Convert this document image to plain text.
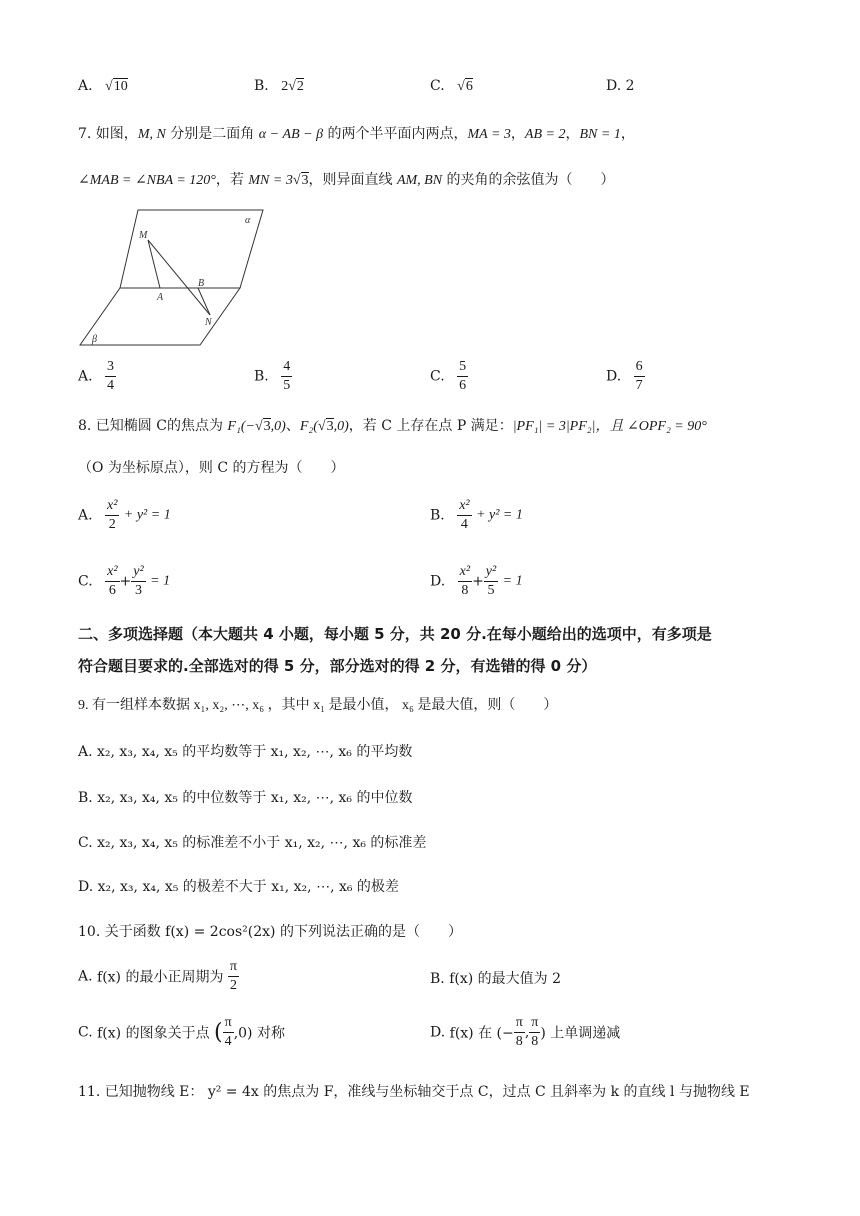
A. √10	B. 2√2	C. √6	D. 2
7. 如图，M, N 分别是二面角 α − AB − β 的两个半平面内两点，MA = 3，AB = 2，BN = 1，
∠MAB = ∠NBA = 120°，若 MN = 3√3，则异面直线 AM, BN 的夹角的余弦值为（　　）
α
β
M
A
B
N
A. $\frac{3}{4}$	B. $\frac{4}{5}$	C. $\frac{5}{6}$	D. $\frac{6}{7}$
8. 已知椭圆 C的焦点为 F₁(−√3,0)、F₂(√3,0)，若 C 上存在点 P 满足：|PF₁| = 3|PF₂|，且 ∠OPF₂ = 90°
（O 为坐标原点），则 C 的方程为（　　）
A. $\frac{\text{x²}}{2} + y^2 = 1$	B. $\frac{\text{x²}}{4} + y^2 = 1$
C. $\frac{\text{x²}}{6} + \frac{\text{y²}}{3} = 1$	D. $\frac{\text{x²}}{8} + \frac{\text{y²}}{5} = 1$
二、多项选择题（本大题共 4 小题，每小题 5 分，共 20 分.在每小题给出的选项中，有多项是
符合题目要求的.全部选对的得 5 分，部分选对的得 2 分，有选错的得 0 分）
9. 有一组样本数据 x₁, x₂, ⋯, x₆ ，其中 x₁ 是最小值， x₆ 是最大值，则（　　）
A. x₂, x₃, x₄, x₅ 的平均数等于 x₁, x₂, ⋯, x₆ 的平均数
B. x₂, x₃, x₄, x₅ 的中位数等于 x₁, x₂, ⋯, x₆ 的中位数
C. x₂, x₃, x₄, x₅ 的标准差不小于 x₁, x₂, ⋯, x₆ 的标准差
D. x₂, x₃, x₄, x₅ 的极差不大于 x₁, x₂, ⋯, x₆ 的极差
10. 关于函数 f(x) = 2cos²(2x) 的下列说法正确的是（　　）
A. f(x) 的最小正周期为 $\frac{\pi}{2}$	B. f(x) 的最大值为 2
C. f(x) 的图象关于点 ( $\frac{\pi}{4} ,0$) 对称	D. f(x) 在 (− $\frac{\pi}{8}$ , $\frac{\pi}{8}$ ) 上单调递减
11. 已知抛物线 E： y² = 4x 的焦点为 F，准线与坐标轴交于点 C，过点 C 且斜率为 k 的直线 l 与抛物线 E
